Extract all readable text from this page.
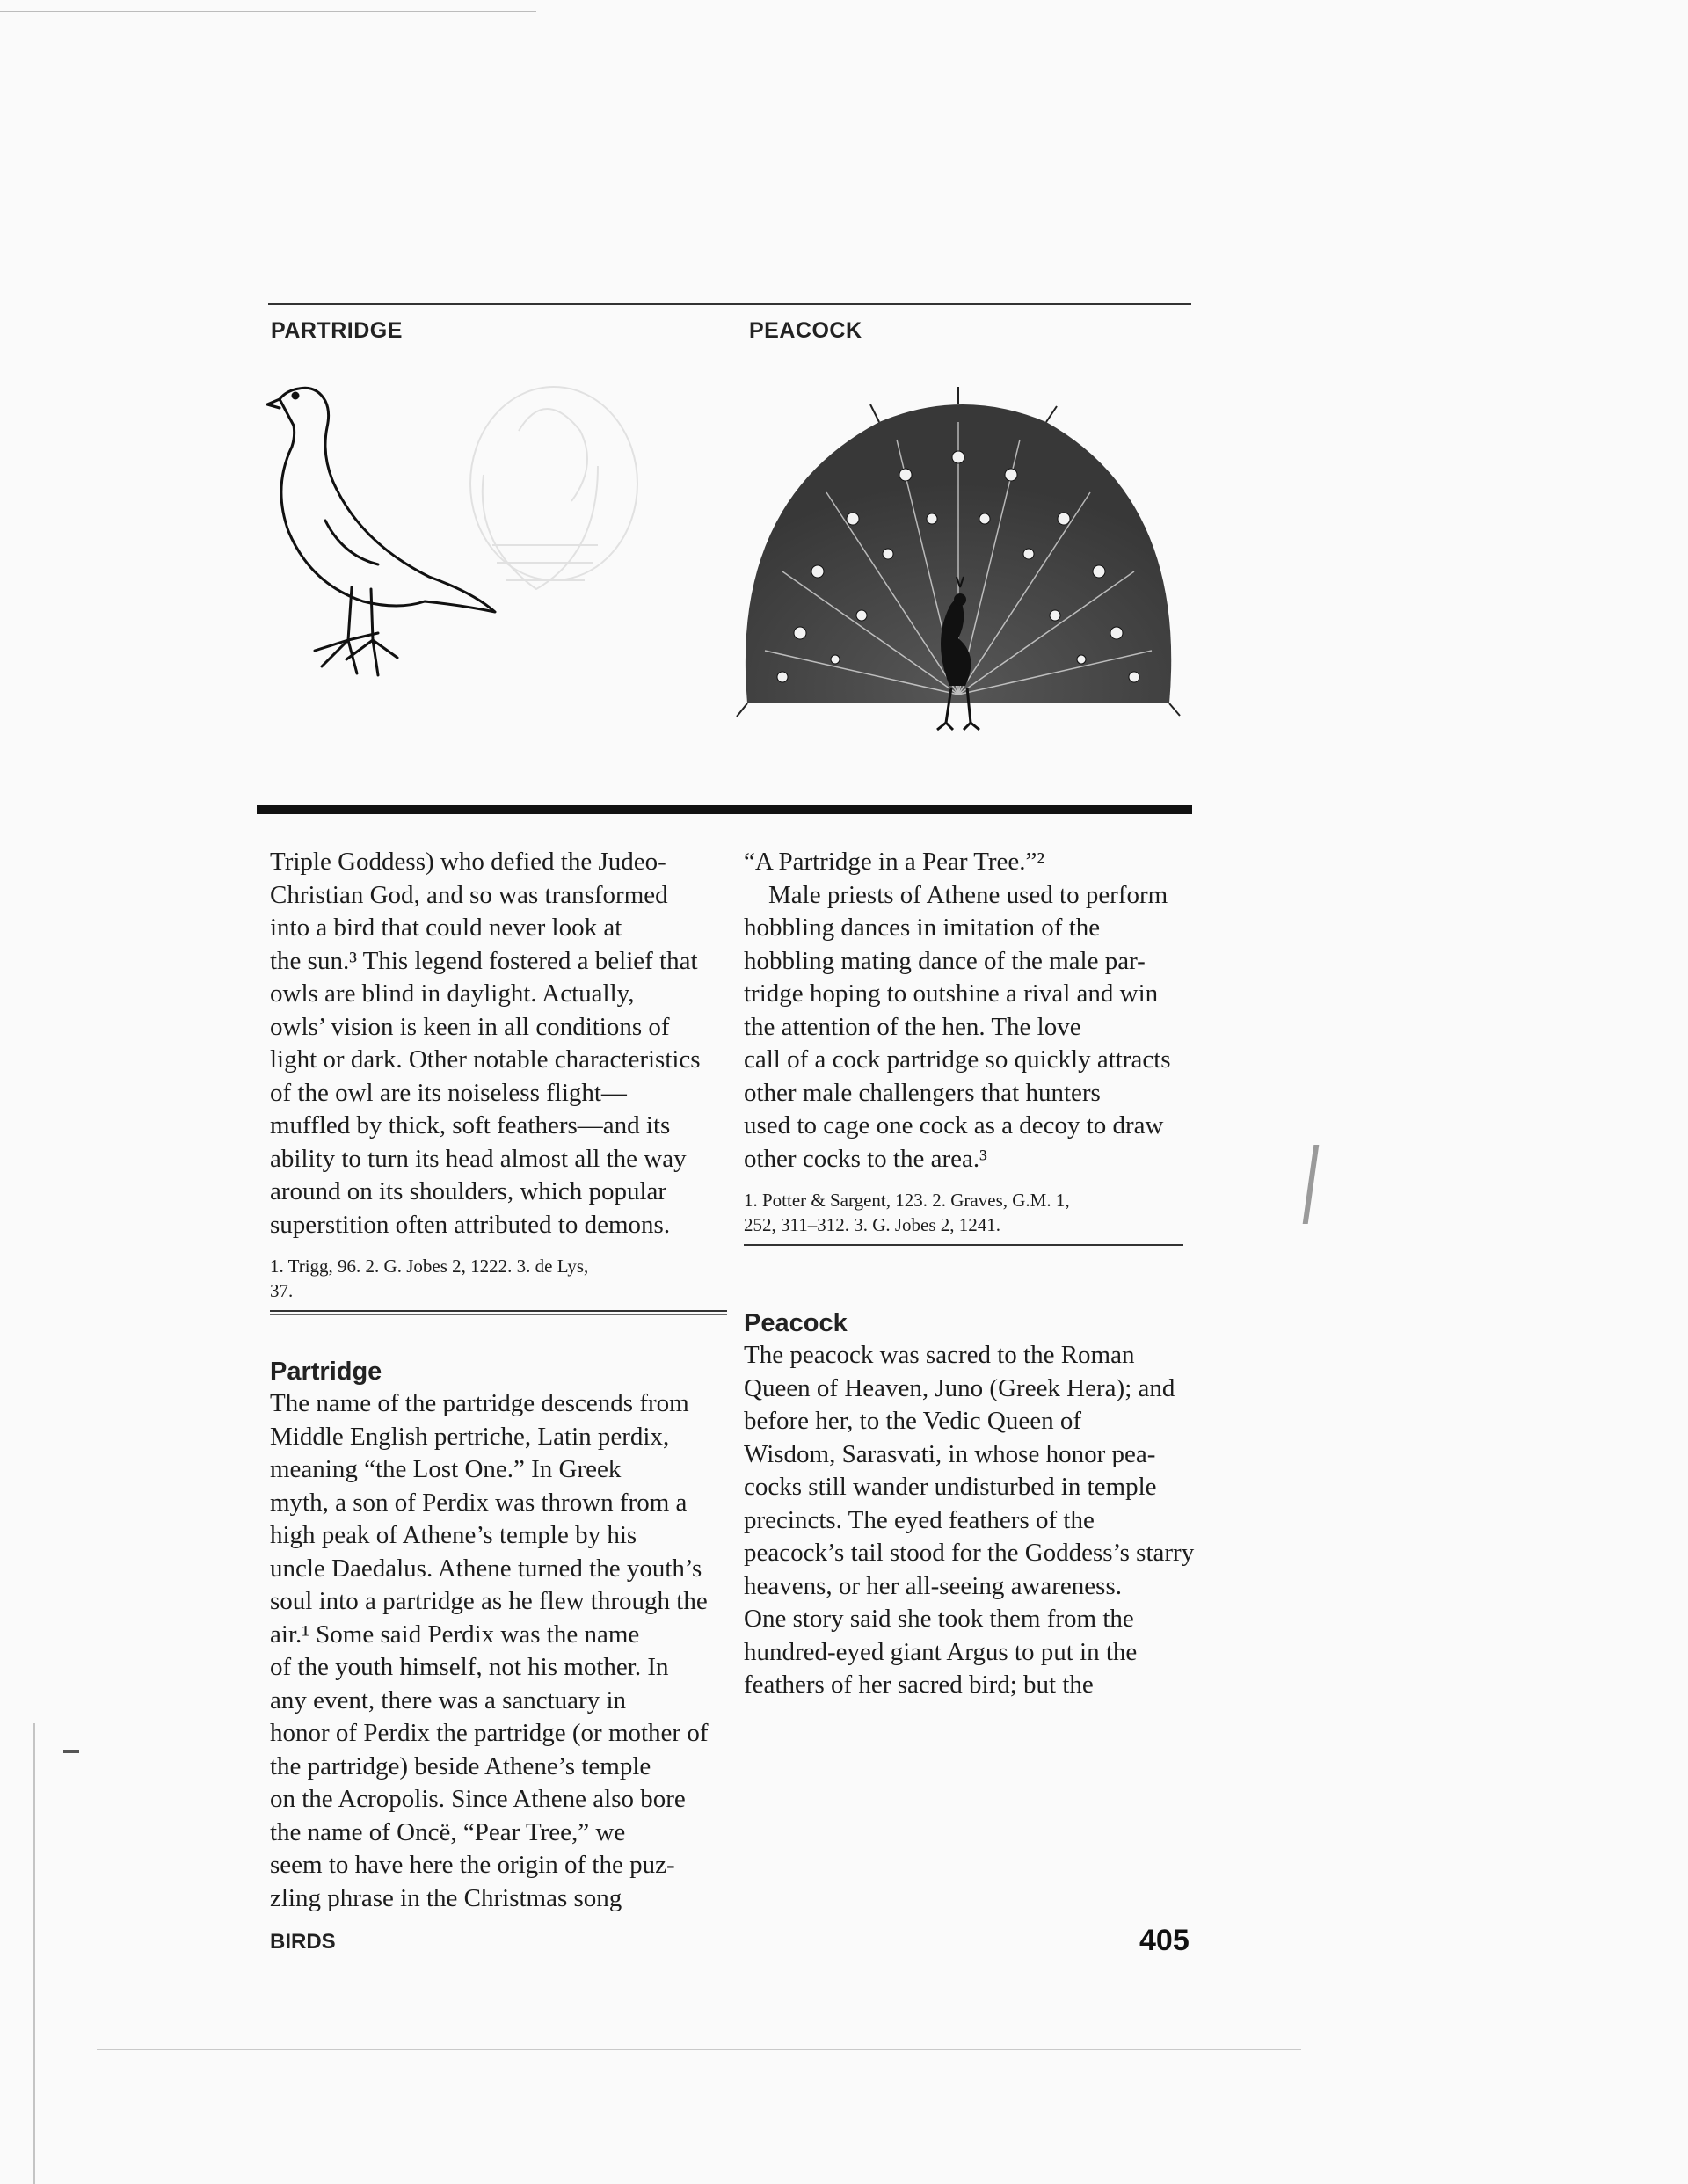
PARTRIDGE	PEACOCK

Triple Goddess) who defied the Judeo-
Christian God, and so was transformed
into a bird that could never look at
the sun.³ This legend fostered a belief that
owls are blind in daylight. Actually,
owls’ vision is keen in all conditions of
light or dark. Other notable characteristics
of the owl are its noiseless flight—
muffled by thick, soft feathers—and its
ability to turn its head almost all the way
around on its shoulders, which popular
superstition often attributed to demons.

1. Trigg, 96. 2. G. Jobes 2, 1222. 3. de Lys,
37.
Partridge

The name of the partridge descends from
Middle English pertriche, Latin perdix,
meaning “the Lost One.” In Greek
myth, a son of Perdix was thrown from a
high peak of Athene’s temple by his
uncle Daedalus. Athene turned the youth’s
soul into a partridge as he flew through the
air.¹ Some said Perdix was the name
of the youth himself, not his mother. In
any event, there was a sanctuary in
honor of Perdix the partridge (or mother of
the partridge) beside Athene’s temple
on the Acropolis. Since Athene also bore
the name of Oncë, “Pear Tree,” we
seem to have here the origin of the puz-
zling phrase in the Christmas song

“A Partridge in a Pear Tree.”²
Male priests of Athene used to perform
hobbling dances in imitation of the
hobbling mating dance of the male par-
tridge hoping to outshine a rival and win
the attention of the hen. The love
call of a cock partridge so quickly attracts
other male challengers that hunters
used to cage one cock as a decoy to draw
other cocks to the area.³

1. Potter & Sargent, 123. 2. Graves, G.M. 1,
252, 311–312. 3. G. Jobes 2, 1241.
Peacock

The peacock was sacred to the Roman
Queen of Heaven, Juno (Greek Hera); and
before her, to the Vedic Queen of
Wisdom, Sarasvati, in whose honor pea-
cocks still wander undisturbed in temple
precincts. The eyed feathers of the
peacock’s tail stood for the Goddess’s starry
heavens, or her all-seeing awareness.
One story said she took them from the
hundred-eyed giant Argus to put in the
feathers of her sacred bird; but the

BIRDS	405
